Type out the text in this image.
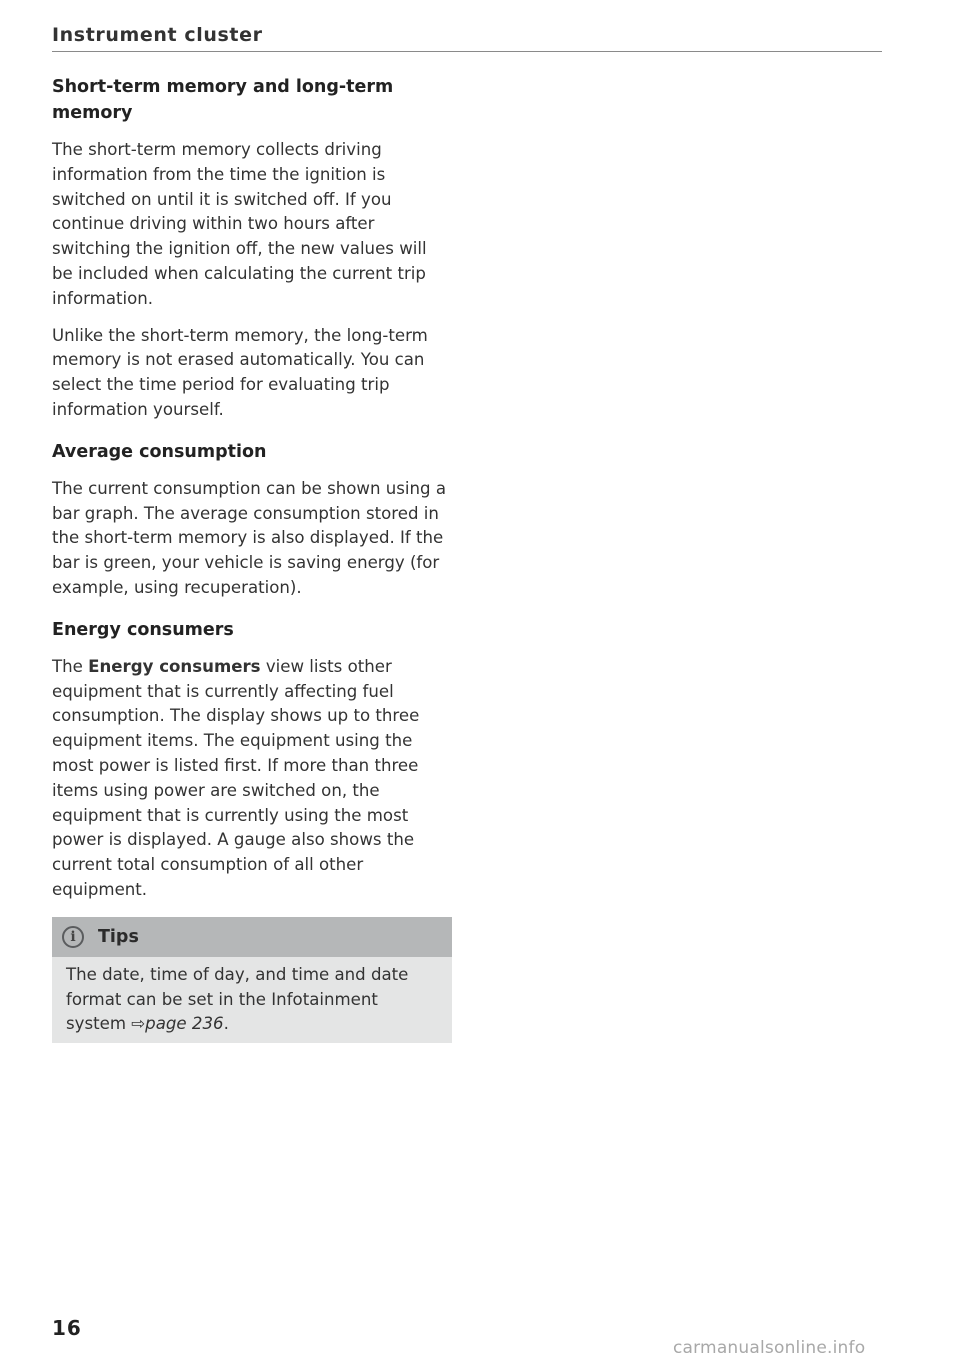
Instrument cluster
Short-term memory and long-term memory

The short-term memory collects driving information from the time the ignition is switched on until it is switched off. If you continue driving within two hours after switching the ignition off, the new values will be included when calculating the current trip information.

Unlike the short-term memory, the long-term memory is not erased automatically. You can select the time period for evaluating trip information yourself.

Average consumption

The current consumption can be shown using a bar graph. The average consumption stored in the short-term memory is also displayed. If the bar is green, your vehicle is saving energy (for example, using recuperation).

Energy consumers

The Energy consumers view lists other equipment that is currently affecting fuel consumption. The display shows up to three equipment items. The equipment using the most power is listed first. If more than three items using power are switched on, the equipment that is currently using the most power is displayed. A gauge also shows the current total consumption of all other equipment.

i	Tips

The date, time of day, and time and date format can be set in the Infotainment system ⇨page 236.

16
carmanualsonline.info
